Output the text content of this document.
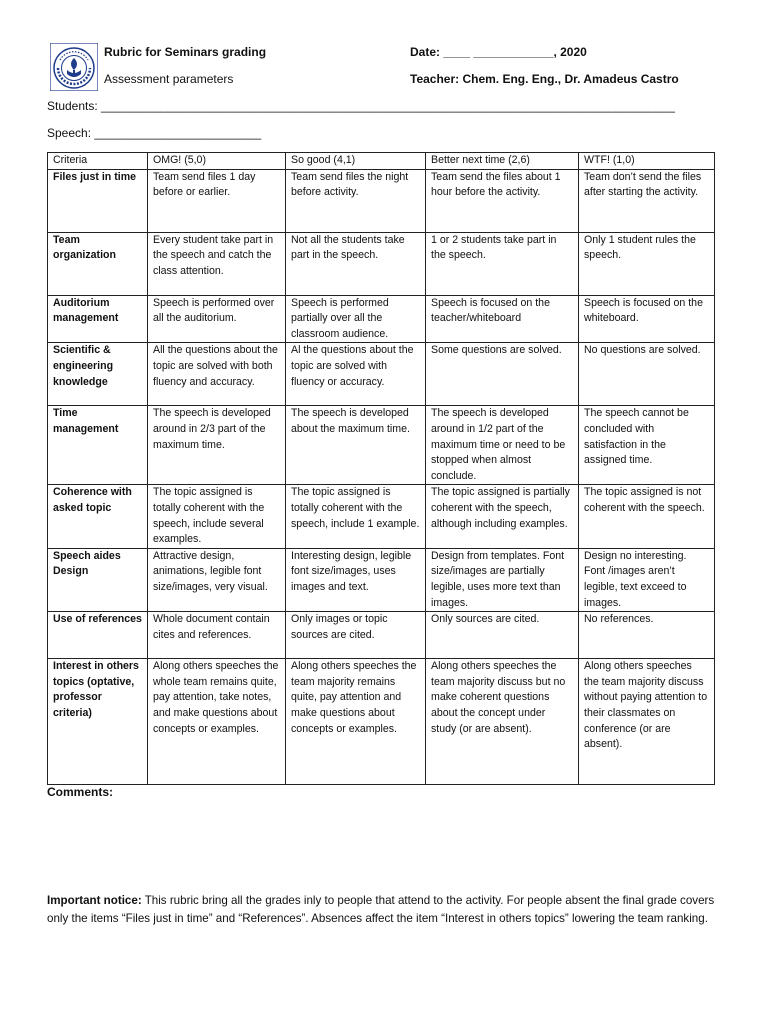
Rubric for Seminars grading
Assessment parameters
Date: ____ ____________, 2020
Teacher: Chem. Eng. Eng., Dr. Amadeus Castro
Students: ______________________________________________________________________________________
Speech: _________________________
Criteria	OMG! (5,0)	So good (4,1)	Better next time (2,6)	WTF! (1,0)
Files just in time	Team send files 1 day before or earlier.	Team send files the night before activity.	Team send the files about 1 hour before the activity.	Team don’t send the files after starting the activity.
Team organization	Every student take part in the speech and catch the class attention.	Not all the students take part in the speech.	1 or 2 students take part in the speech.	Only 1 student rules the speech.
Auditorium management	Speech is performed over all the auditorium.	Speech is performed partially over all the classroom audience.	Speech is focused on the teacher/whiteboard	Speech is focused on the whiteboard.
Scientific & engineering knowledge	All the questions about the topic are solved with both fluency and accuracy.	Al the questions about the topic are solved with fluency or accuracy.	Some questions are solved.	No questions are solved.
Time management	The speech is developed around in 2/3 part of the maximum time.	The speech is developed about the maximum time.	The speech is developed around in 1/2 part of the maximum time or need to be stopped when almost conclude.	The speech cannot be concluded with satisfaction in the assigned time.
Coherence with asked topic	The topic assigned is totally coherent with the speech, include several examples.	The topic assigned is totally coherent with the speech, include 1 example.	The topic assigned is partially coherent with the speech, although including examples.	The topic assigned is not coherent with the speech.
Speech aides Design	Attractive design, animations, legible font size/images, very visual.	Interesting design, legible font size/images, uses images and text.	Design from templates. Font size/images are partially legible, uses more text than images.	Design no interesting. Font /images aren’t legible, text exceed to images.
Use of references	Whole document contain cites and references.	Only images or topic sources are cited.	Only sources are cited.	No references.
Interest in others topics (optative, professor criteria)	Along others speeches the whole team remains quite, pay attention, take notes, and make questions about concepts or examples.	Along others speeches the team majority remains quite, pay attention and make questions about concepts or examples.	Along others speeches the team majority discuss but no make coherent questions about the concept under study (or are absent).	Along others speeches the team majority discuss without paying attention to their classmates on conference (or are absent).
Comments:
Important notice: This rubric bring all the grades inly to people that attend to the activity. For people absent the final grade covers only the items “Files just in time” and “References”. Absences affect the item “Interest in others topics” lowering the team ranking.
